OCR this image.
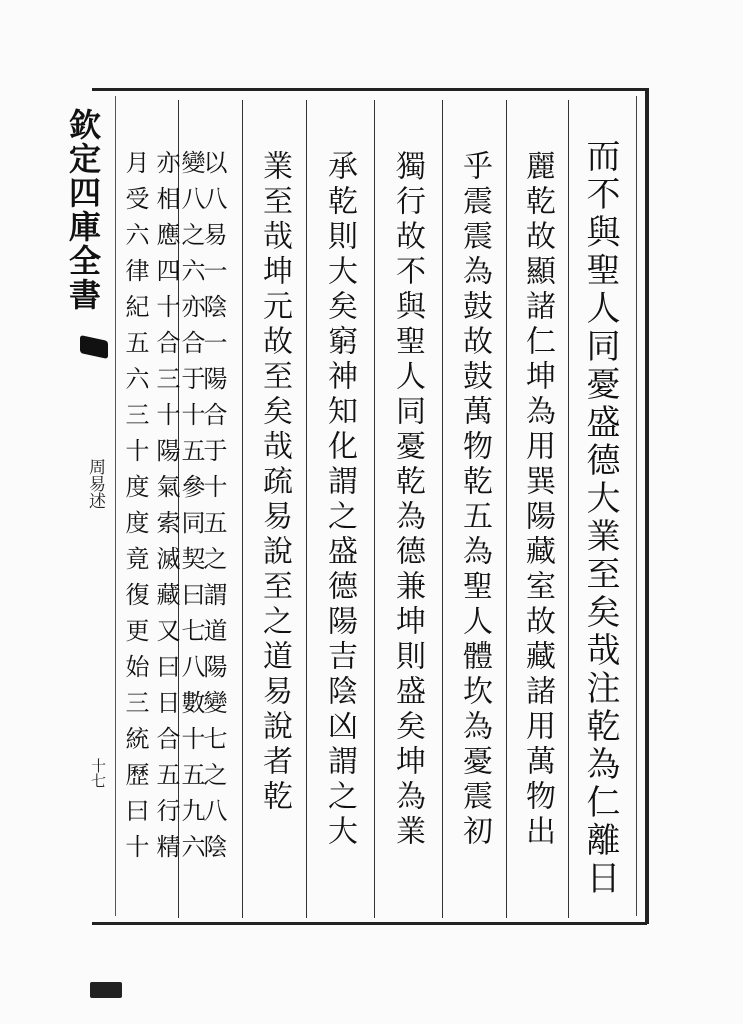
而不與聖人同憂盛德大業至矣哉注乾為仁離日
麗乾故顯諸仁坤為用巽陽藏室故藏諸用萬物出
乎震震為鼓故鼓萬物乾五為聖人體坎為憂震初
獨行故不與聖人同憂乾為德兼坤則盛矣坤為業
承乾則大矣窮神知化謂之盛德陽吉陰凶謂之大
業至哉坤元故至矣哉疏易說至之道易說者乾
以八易一陰一陽合于十五之謂道陽變七之八陰
變八之六亦合于十五參同契曰七八數十五九六
亦相應四十合三十陽氣索滅藏又曰日合五行精
月受六律紀五六三十度度竟復更始三統歷曰十
欽定四庫全書
周易述
十七
